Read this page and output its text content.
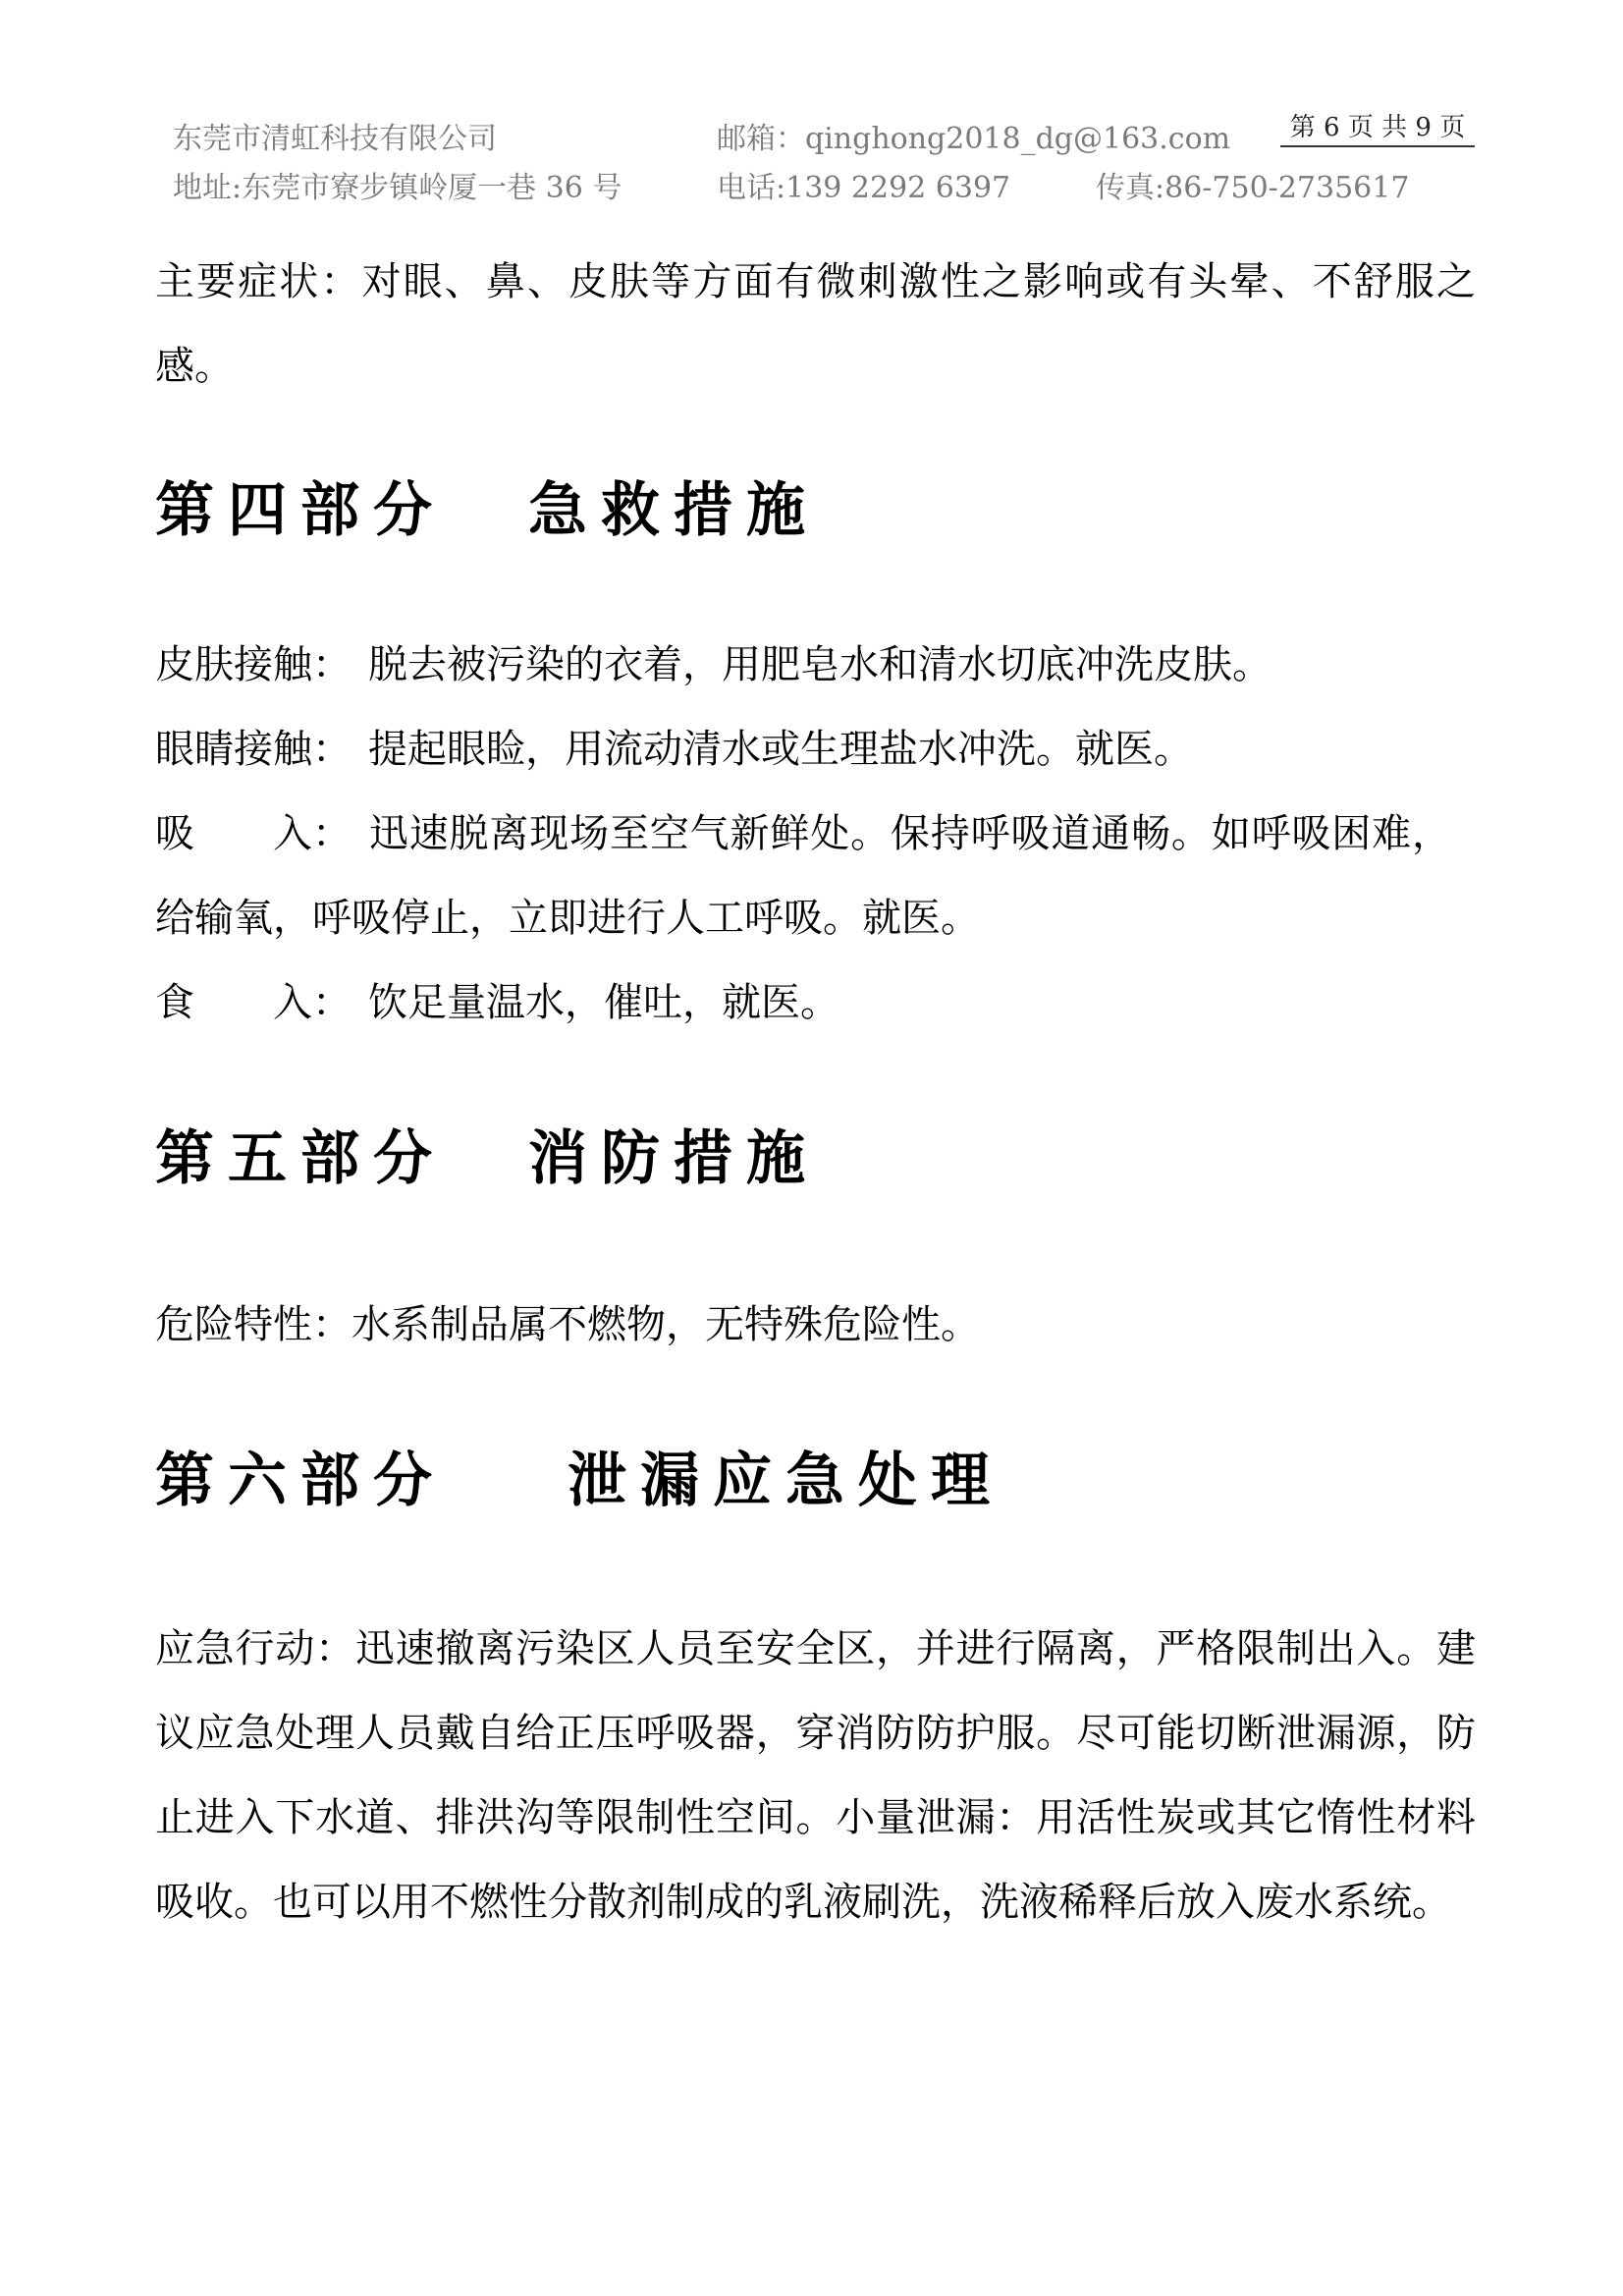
东莞市清虹科技有限公司	邮箱：qinghong2018_dg@163.com	第 6 页 共 9 页
地址:东莞市寮步镇岭厦一巷 36 号	电话:139 2292 6397	传真:86-750-2735617
主要症状：对眼、鼻、皮肤等方面有微刺激性之影响或有头晕、不舒服之感。
第四部分 急救措施
皮肤接触： 脱去被污染的衣着，用肥皂水和清水切底冲洗皮肤。
眼睛接触： 提起眼睑，用流动清水或生理盐水冲洗。就医。
吸　　入： 迅速脱离现场至空气新鲜处。保持呼吸道通畅。如呼吸困难，给输氧，呼吸停止，立即进行人工呼吸。就医。
食　　入： 饮足量温水，催吐，就医。
第五部分 消防措施
危险特性：水系制品属不燃物，无特殊危险性。
第六部分 泄漏应急处理
应急行动：迅速撤离污染区人员至安全区，并进行隔离，严格限制出入。建议应急处理人员戴自给正压呼吸器，穿消防防护服。尽可能切断泄漏源，防止进入下水道、排洪沟等限制性空间。小量泄漏：用活性炭或其它惰性材料吸收。也可以用不燃性分散剂制成的乳液刷洗，洗液稀释后放入废水系统。
